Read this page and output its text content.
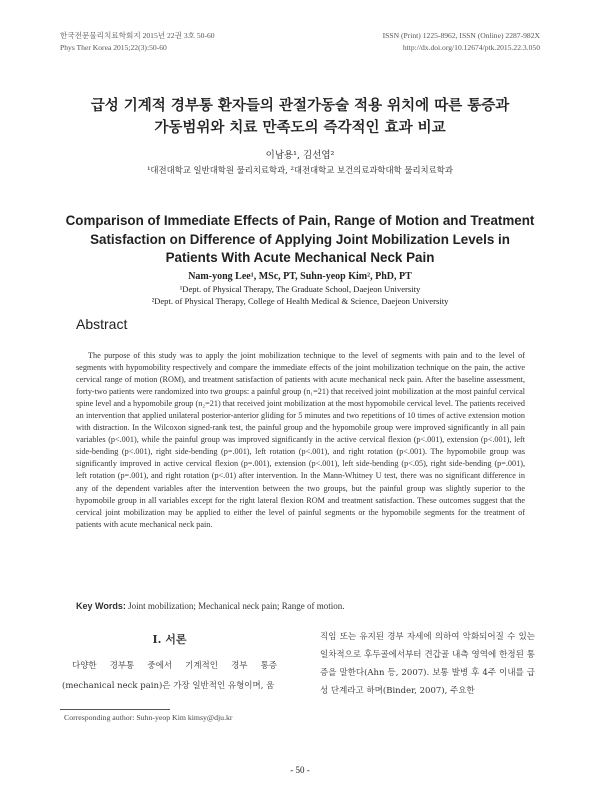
한국전문물리치료학회지 2015년 22권 3호 50-60
Phys Ther Korea 2015;22(3):50-60
ISSN (Print) 1225-8962, ISSN (Online) 2287-982X
http://dx.doi.org/10.12674/ptk.2015.22.3.050
급성 기계적 경부통 환자들의 관절가동술 적용 위치에 따른 통증과
가동범위와 치료 만족도의 즉각적인 효과 비교
이남용¹, 김선엽²
¹대전대학교 일반대학원 물리치료학과, ²대전대학교 보건의료과학대학 물리치료학과
Comparison of Immediate Effects of Pain, Range of Motion and Treatment
Satisfaction on Difference of Applying Joint Mobilization Levels in
Patients With Acute Mechanical Neck Pain
Nam-yong Lee¹, MSc, PT, Suhn-yeop Kim², PhD, PT
¹Dept. of Physical Therapy, The Graduate School, Daejeon University
²Dept. of Physical Therapy, College of Health Medical & Science, Daejeon University
Abstract
The purpose of this study was to apply the joint mobilization technique to the level of segments with pain and to the level of segments with hypomobility respectively and compare the immediate effects of the joint mobilization technique on the pain, the active cervical range of motion (ROM), and treatment satisfaction of patients with acute mechanical neck pain. After the baseline assessment, forty-two patients were randomized into two groups: a painful group (n₁=21) that received joint mobilization at the most painful cervical spine level and a hypomobile group (n₂=21) that received joint mobilization at the most hypomobile cervical level. The patients received an intervention that applied unilateral posterior-anterior gliding for 5 minutes and two repetitions of 10 times of active extension motion with distraction. In the Wilcoxon signed-rank test, the painful group and the hypomobile group were improved significantly in all pain variables (p<.001), while the painful group was improved significantly in the active cervical flexion (p<.001), extension (p<.001), left side-bending (p<.001), right side-bending (p=.001), left rotation (p<.001), and right rotation (p<.001). The hypomobile group was significantly improved in active cervical flexion (p=.001), extension (p<.001), left side-bending (p<.05), right side-bending (p=.001), left rotation (p=.001), and right rotation (p<.01) after intervention. In the Mann-Whitney U test, there was no significant difference in any of the dependent variables after the intervention between the two groups, but the painful group was slightly superior to the hypomobile group in all variables except for the right lateral flexion ROM and treatment satisfaction. These outcomes suggest that the cervical joint mobilization may be applied to either the level of painful segments or the hypomobile segments for the treatment of patients with acute mechanical neck pain.
Key Words: Joint mobilization; Mechanical neck pain; Range of motion.
Ⅰ. 서론

다양한 경부통 중에서 기계적인 경부 통증(mechanical neck pain)은 가장 일반적인 유형이며, 움

직임 또는 유지된 경부 자세에 의하여 악화되어질 수 있는 일차적으로 후두골에서부터 견갑골 내측 영역에 한정된 통증을 말한다(Ahn 등, 2007). 보통 발병 후 4주 이내를 급성 단계라고 하며(Binder, 2007), 주요한

Corresponding author: Suhn-yeop Kim kimsy@dju.kr
- 50 -
